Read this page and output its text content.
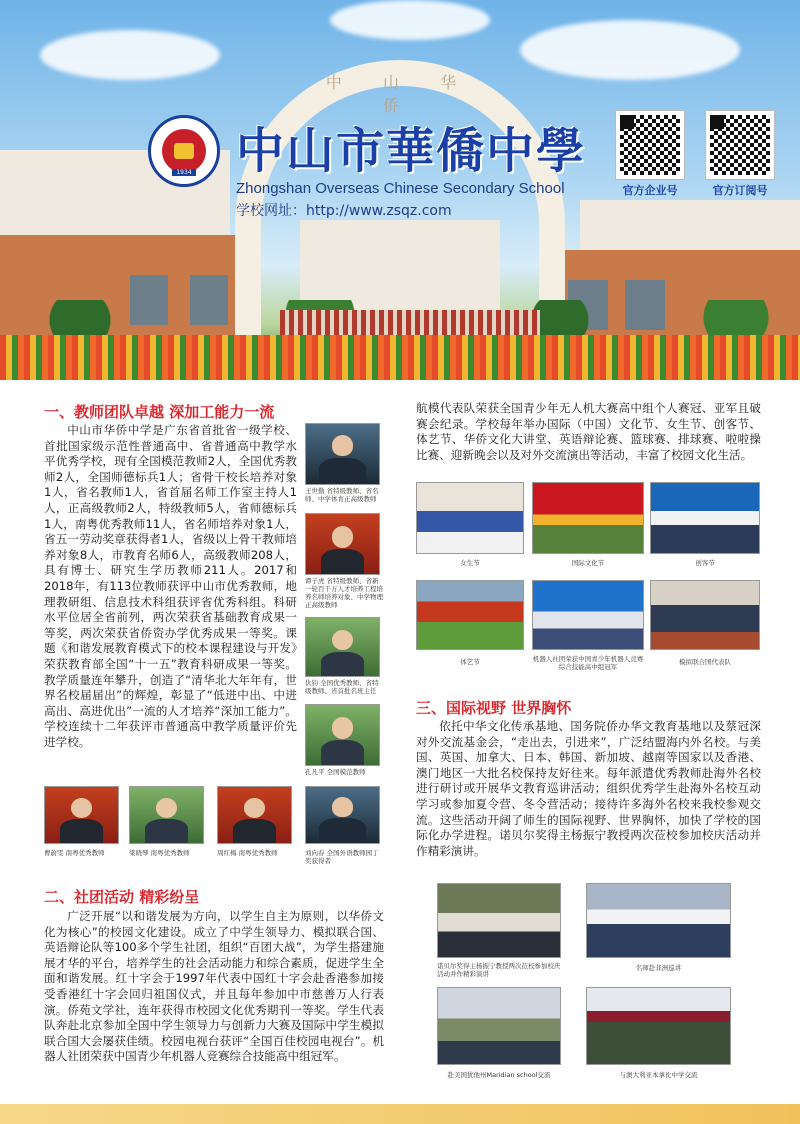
中 山 华 侨
1934 中山市華僑中學
Zhongshan Overseas Chinese Secondary School
学校网址：http://www.zsqz.com
官方企业号	官方订阅号
一、教师团队卓越 深加工能力一流
中山市华侨中学是广东省首批省一级学校、首批国家级示范性普通高中、省普通高中教学水平优秀学校，现有全国模范教师2人，全国优秀教师2人，全国师德标兵1人；省骨干校长培养对象1人，省名教师1人，省首届名师工作室主持人1人，正高级教师2人，特级教师5人，省师德标兵1人，南粤优秀教师11人，省名师培养对象1人，省五一劳动奖章获得者1人，省级以上骨干教师培养对象8人，市教育名师6人，高级教师208人，具有博士、研究生学历教师211人。2017和2018年，有113位教师获评中山市优秀教师，地理教研组、信息技术科组获评省优秀科组。科研水平位居全省前列，两次荣获省基础教育成果一等奖，两次荣获省侨资办学优秀成果一等奖。课题《和谐发展教育模式下的校本课程建设与开发》荣获教育部全国“十一五”教育科研成果一等奖。教学质量连年攀升，创造了“清华北大年年有，世界名校届届出”的辉煌，彰显了“低进中出、中进高出、高进优出”一流的人才培养“深加工能力”。学校连续十二年获评市普通高中教学质量评价先进学校。
王世勤 省特级教师、省名师、中学体育正高级教师
谭子虎 省特级教师、省新一轮百千万人才培养工程培养名师培养对象、中学物理正高级教师
仇钧 全国优秀教师、省特级教师、省首批名班主任
孔凡平 全国模范教师
曹蔚雯 南粤优秀教师	梁晓琴 南粤优秀教师	周红梅 南粤优秀教师	刘向春 全国外语教师园丁奖获得者
二、社团活动 精彩纷呈
广泛开展“以和谐发展为方向，以学生自主为原则，以华侨文化为核心”的校园文化建设。成立了中学生领导力、模拟联合国、英语辩论队等100多个学生社团，组织“百团大战”，为学生搭建施展才华的平台，培养学生的社会活动能力和综合素质，促进学生全面和谐发展。红十字会于1997年代表中国红十字会赴香港参加接受香港红十字会回归祖国仪式，并且每年参加中市慈善万人行表演。侨苑文学社，连年获得市校园文化优秀期刊一等奖。学生代表队奔赴北京参加全国中学生领导力与创新力大赛及国际中学生模拟联合国大会屡获佳绩。校园电视台获评“全国百佳校园电视台”。机器人社团荣获中国青少年机器人竞赛综合技能高中组冠军。
航模代表队荣获全国青少年无人机大赛高中组个人赛冠、亚军且破赛会纪录。学校每年举办国际（中国）文化节、女生节、创客节、体艺节、华侨文化大讲堂、英语辩论赛、篮球赛、排球赛、啦啦操比赛、迎新晚会以及对外交流演出等活动，丰富了校园文化生活。
女生节	国际文化节	创客节
体艺节	机器人社团荣获中国青少年机器人竞赛综合技能高中组冠军
模拟联合国代表队
三、国际视野 世界胸怀
依托中华文化传承基地、国务院侨办华文教育基地以及蔡冠深对外交流基金会，“走出去，引进来”，广泛结盟海内外名校。与美国、英国、加拿大、日本、韩国、新加坡、越南等国家以及香港、澳门地区一大批名校保持友好往来。每年派遣优秀教师赴海外名校进行研讨或开展华文教育巡讲活动；组织优秀学生赴海外名校互动学习或参加夏令营、冬令营活动；接待许多海外名校来我校参观交流。这些活动开阔了师生的国际视野、世界胸怀，加快了学校的国际化办学进程。诺贝尔奖得主杨振宁教授两次莅校参加校庆活动并作精彩演讲。
诺贝尔奖得主杨振宁教授两次莅校参加校庆活动并作精彩演讲
名师赴非洲巡讲
赴美国犹他州Maridian school交流	与澳大利亚本拿比中学交流
